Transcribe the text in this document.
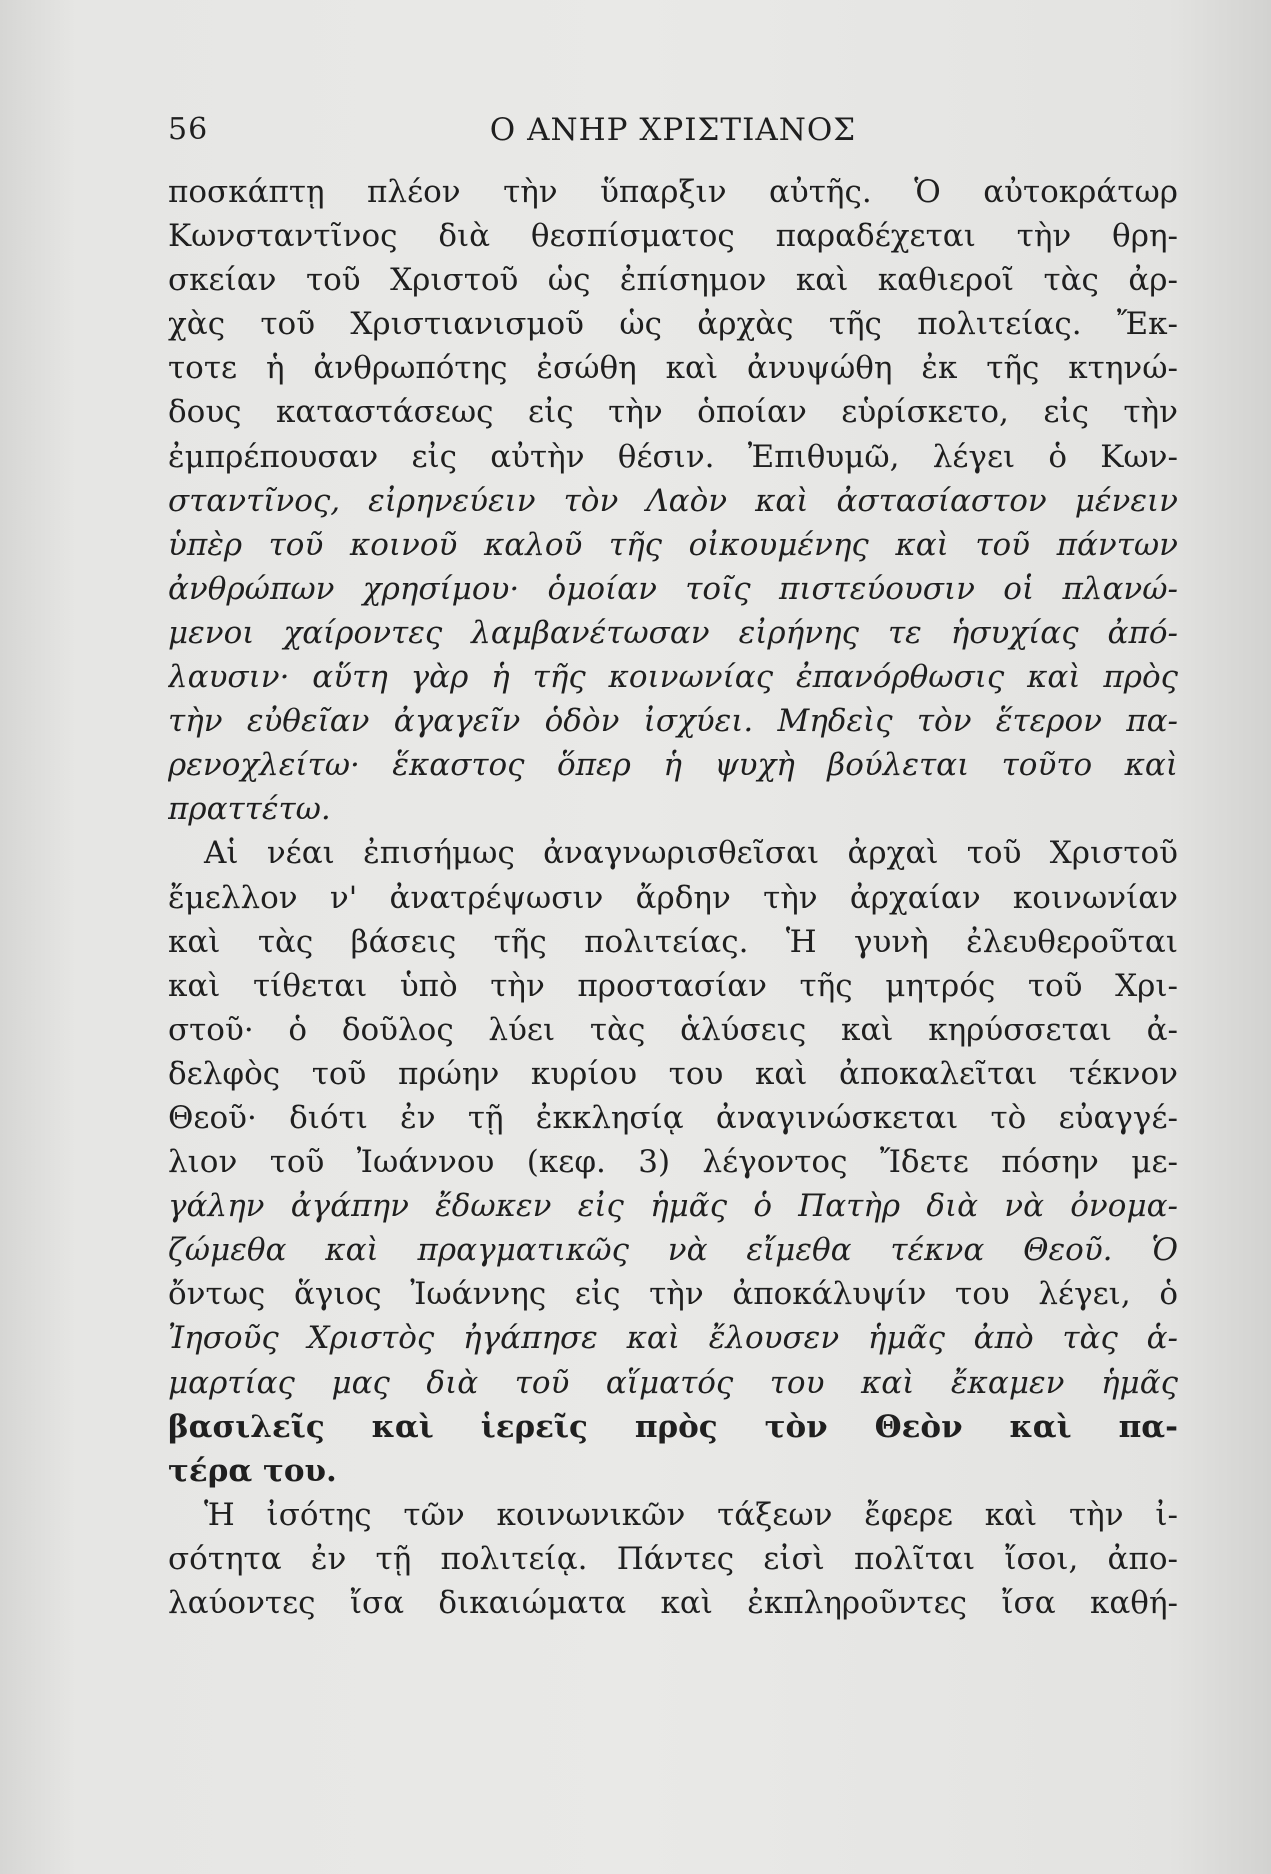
56	Ο ΑΝΗΡ ΧΡΙΣΤΙΑΝΟΣ
ποσκάπτῃ πλέον τὴν ὕπαρξιν αὐτῆς. Ὁ αὐτοκράτωρ
Κωνσταντῖνος διὰ θεσπίσματος παραδέχεται τὴν θρη-
σκείαν τοῦ Χριστοῦ ὡς ἐπίσημον καὶ καθιεροῖ τὰς ἀρ-
χὰς τοῦ Χριστιανισμοῦ ὡς ἀρχὰς τῆς πολιτείας. Ἔκ-
τοτε ἡ ἀνθρωπότης ἐσώθη καὶ ἀνυψώθη ἐκ τῆς κτηνώ-
δους καταστάσεως εἰς τὴν ὁποίαν εὑρίσκετο, εἰς τὴν
ἐμπρέπουσαν εἰς αὐτὴν θέσιν. Ἐπιθυμῶ, λέγει ὁ Κων-
σταντῖνος, εἰρηνεύειν τὸν Λαὸν καὶ ἀστασίαστον μένειν
ὑπὲρ τοῦ κοινοῦ καλοῦ τῆς οἰκουμένης καὶ τοῦ πάντων
ἀνθρώπων χρησίμου· ὁμοίαν τοῖς πιστεύουσιν οἱ πλανώ-
μενοι χαίροντες λαμβανέτωσαν εἰρήνης τε ἡσυχίας ἀπό-
λαυσιν· αὕτη γὰρ ἡ τῆς κοινωνίας ἐπανόρθωσις καὶ πρὸς
τὴν εὐθεῖαν ἀγαγεῖν ὁδὸν ἰσχύει. Μηδεὶς τὸν ἕτερον πα-
ρενοχλείτω· ἕκαστος ὅπερ ἡ ψυχὴ βούλεται τοῦτο καὶ
πραττέτω.
Αἱ νέαι ἐπισήμως ἀναγνωρισθεῖσαι ἀρχαὶ τοῦ Χριστοῦ
ἔμελλον ν' ἀνατρέψωσιν ἄρδην τὴν ἀρχαίαν κοινωνίαν
καὶ τὰς βάσεις τῆς πολιτείας. Ἡ γυνὴ ἐλευθεροῦται
καὶ τίθεται ὑπὸ τὴν προστασίαν τῆς μητρός τοῦ Χρι-
στοῦ· ὁ δοῦλος λύει τὰς ἁλύσεις καὶ κηρύσσεται ἀ-
δελφὸς τοῦ πρώην κυρίου του καὶ ἀποκαλεῖται τέκνον
Θεοῦ· διότι ἐν τῇ ἐκκλησίᾳ ἀναγινώσκεται τὸ εὐαγγέ-
λιον τοῦ Ἰωάννου (κεφ. 3) λέγοντος Ἴδετε πόσην με-
γάλην ἀγάπην ἔδωκεν εἰς ἡμᾶς ὁ Πατὴρ διὰ νὰ ὀνομα-
ζώμεθα καὶ πραγματικῶς νὰ εἴμεθα τέκνα Θεοῦ. Ὁ
ὄντως ἅγιος Ἰωάννης εἰς τὴν ἀποκάλυψίν του λέγει, ὁ
Ἰησοῦς Χριστὸς ἠγάπησε καὶ ἔλουσεν ἡμᾶς ἀπὸ τὰς ἁ-
μαρτίας μας διὰ τοῦ αἵματός του καὶ ἔκαμεν ἡμᾶς
βασιλεῖς καὶ ἱερεῖς πρὸς τὸν Θεὸν καὶ πα-
τέρα του.
Ἡ ἰσότης τῶν κοινωνικῶν τάξεων ἔφερε καὶ τὴν ἰ-
σότητα ἐν τῇ πολιτείᾳ. Πάντες εἰσὶ πολῖται ἴσοι, ἀπο-
λαύοντες ἴσα δικαιώματα καὶ ἐκπληροῦντες ἴσα καθή-
